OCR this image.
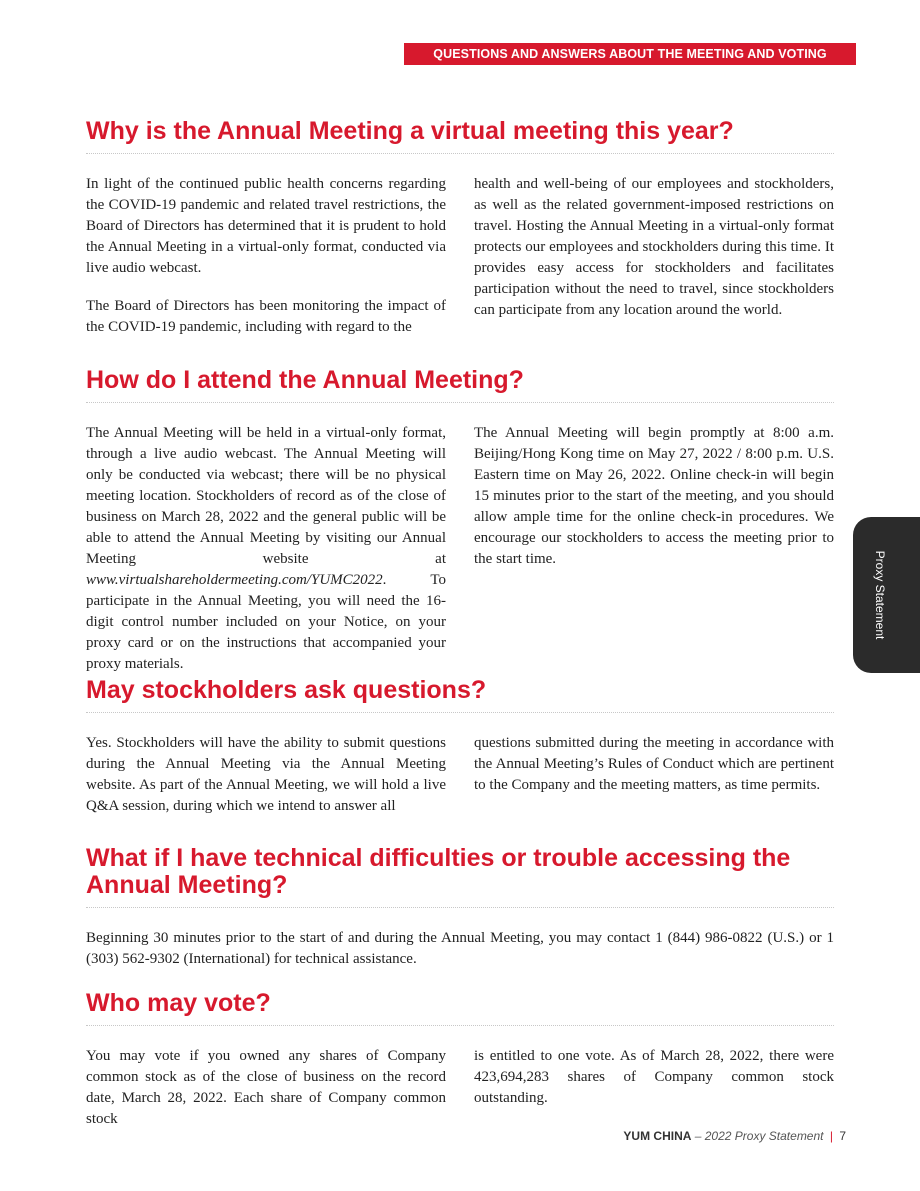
QUESTIONS AND ANSWERS ABOUT THE MEETING AND VOTING
Proxy Statement
Why is the Annual Meeting a virtual meeting this year?

In light of the continued public health concerns regarding the COVID-19 pandemic and related travel restrictions, the Board of Directors has determined that it is prudent to hold the Annual Meeting in a virtual-only format, conducted via live audio webcast.

The Board of Directors has been monitoring the impact of the COVID-19 pandemic, including with regard to the

health and well-being of our employees and stockholders, as well as the related government-imposed restrictions on travel. Hosting the Annual Meeting in a virtual-only format protects our employees and stockholders during this time. It provides easy access for stockholders and facilitates participation without the need to travel, since stockholders can participate from any location around the world.

How do I attend the Annual Meeting?

The Annual Meeting will be held in a virtual-only format, through a live audio webcast. The Annual Meeting will only be conducted via webcast; there will be no physical meeting location. Stockholders of record as of the close of business on March 28, 2022 and the general public will be able to attend the Annual Meeting by visiting our Annual Meeting website at www.virtualshareholdermeeting.com/YUMC2022. To participate in the Annual Meeting, you will need the 16-digit control number included on your Notice, on your proxy card or on the instructions that accompanied your proxy materials.

The Annual Meeting will begin promptly at 8:00 a.m. Beijing/Hong Kong time on May 27, 2022 / 8:00 p.m. U.S. Eastern time on May 26, 2022. Online check-in will begin 15 minutes prior to the start of the meeting, and you should allow ample time for the online check-in procedures. We encourage our stockholders to access the meeting prior to the start time.

May stockholders ask questions?

Yes. Stockholders will have the ability to submit questions during the Annual Meeting via the Annual Meeting website. As part of the Annual Meeting, we will hold a live Q&A session, during which we intend to answer all

questions submitted during the meeting in accordance with the Annual Meeting’s Rules of Conduct which are pertinent to the Company and the meeting matters, as time permits.

What if I have technical difficulties or trouble accessing the Annual Meeting?

Beginning 30 minutes prior to the start of and during the Annual Meeting, you may contact 1 (844) 986-0822 (U.S.) or 1 (303) 562-9302 (International) for technical assistance.

Who may vote?

You may vote if you owned any shares of Company common stock as of the close of business on the record date, March 28, 2022. Each share of Company common stock

is entitled to one vote. As of March 28, 2022, there were 423,694,283 shares of Company common stock outstanding.

YUM CHINA – 2022 Proxy Statement | 7
